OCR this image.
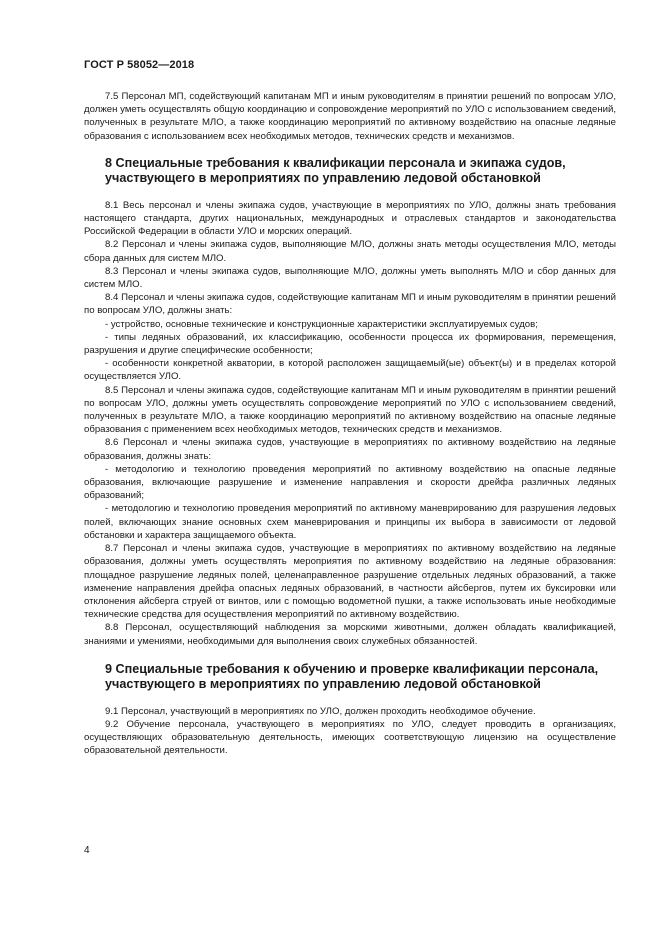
ГОСТ Р 58052—2018

7.5 Персонал МП, содействующий капитанам МП и иным руководителям в принятии решений по вопросам УЛО, должен уметь осуществлять общую координацию и сопровождение мероприятий по УЛО с использованием сведений, полученных в результате МЛО, а также координацию мероприятий по активному воздействию на опасные ледяные образования с использованием всех необходимых методов, технических средств и механизмов.

8 Специальные требования к квалификации персонала и экипажа судов, участвующего в мероприятиях по управлению ледовой обстановкой

8.1 Весь персонал и члены экипажа судов, участвующие в мероприятиях по УЛО, должны знать требования настоящего стандарта, других национальных, международных и отраслевых стандартов и законодательства Российской Федерации в области УЛО и морских операций.

8.2 Персонал и члены экипажа судов, выполняющие МЛО, должны знать методы осуществления МЛО, методы сбора данных для систем МЛО.

8.3 Персонал и члены экипажа судов, выполняющие МЛО, должны уметь выполнять МЛО и сбор данных для систем МЛО.

8.4 Персонал и члены экипажа судов, содействующие капитанам МП и иным руководителям в принятии решений по вопросам УЛО, должны знать:

- устройство, основные технические и конструкционные характеристики эксплуатируемых судов;

- типы ледяных образований, их классификацию, особенности процесса их формирования, перемещения, разрушения и другие специфические особенности;

- особенности конкретной акватории, в которой расположен защищаемый(ые) объект(ы) и в пределах которой осуществляется УЛО.

8.5 Персонал и члены экипажа судов, содействующие капитанам МП и иным руководителям в принятии решений по вопросам УЛО, должны уметь осуществлять сопровождение мероприятий по УЛО с использованием сведений, полученных в результате МЛО, а также координацию мероприятий по активному воздействию на опасные ледяные образования с применением всех необходимых методов, технических средств и механизмов.

8.6 Персонал и члены экипажа судов, участвующие в мероприятиях по активному воздействию на ледяные образования, должны знать:

- методологию и технологию проведения мероприятий по активному воздействию на опасные ледяные образования, включающие разрушение и изменение направления и скорости дрейфа различных ледяных образований;

- методологию и технологию проведения мероприятий по активному маневрированию для разрушения ледовых полей, включающих знание основных схем маневрирования и принципы их выбора в зависимости от ледовой обстановки и характера защищаемого объекта.

8.7 Персонал и члены экипажа судов, участвующие в мероприятиях по активному воздействию на ледяные образования, должны уметь осуществлять мероприятия по активному воздействию на ледяные образования: площадное разрушение ледяных полей, целенаправленное разрушение отдельных ледяных образований, а также изменение направления дрейфа опасных ледяных образований, в частности айсбергов, путем их буксировки или отклонения айсберга струей от винтов, или с помощью водометной пушки, а также использовать иные необходимые технические средства для осуществления мероприятий по активному воздействию.

8.8 Персонал, осуществляющий наблюдения за морскими животными, должен обладать квалификацией, знаниями и умениями, необходимыми для выполнения своих служебных обязанностей.

9 Специальные требования к обучению и проверке квалификации персонала, участвующего в мероприятиях по управлению ледовой обстановкой

9.1 Персонал, участвующий в мероприятиях по УЛО, должен проходить необходимое обучение.

9.2 Обучение персонала, участвующего в мероприятиях по УЛО, следует проводить в организациях, осуществляющих образовательную деятельность, имеющих соответствующую лицензию на осуществление образовательной деятельности.

4
